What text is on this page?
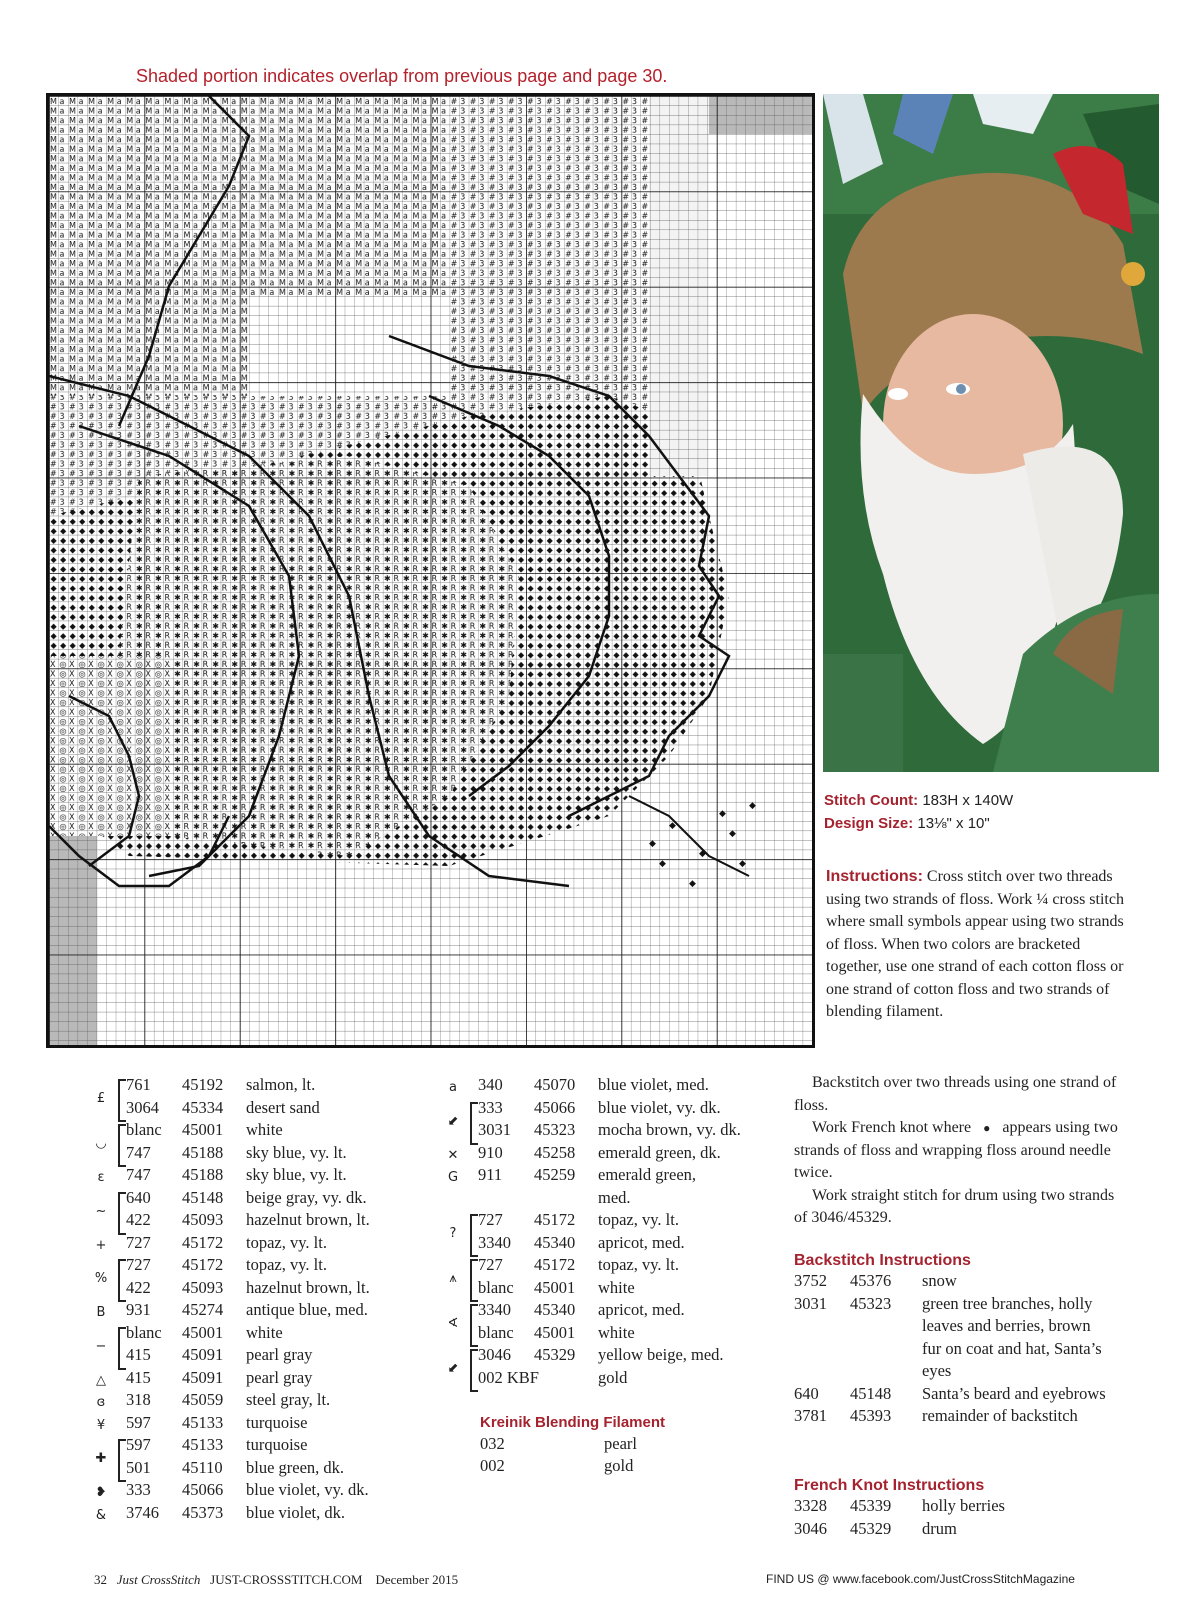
Shaded portion indicates overlap from previous page and page 30.
◆
◆
◆
◆
◆
◆
◆
◆
◆
Stitch Count: 183H x 140W
Design Size: 13⅛" x 10"

Instructions: Cross stitch over two threads using two strands of floss. Work ¼ cross stitch where small symbols appear using two strands of floss. When two colors are bracketed together, use one strand of each cotton floss or one strand of cotton floss and two strands of blending filament.

Backstitch over two threads using one strand of floss.

Work French knot where ● appears using two strands of floss and wrapping floss around needle twice.

Work straight stitch for drum using two strands of 3046/45329.

£
761 45192 salmon, lt.
3064 45334 desert sand
◡
blanc 45001 white
747 45188 sky blue, vy. lt.
ε	747 45188 sky blue, vy. lt.
~
640 45148 beige gray, vy. dk.
422 45093 hazelnut brown, lt.
+ 727 45172 topaz, vy. lt.
%
727 45172 topaz, vy. lt.
422 45093 hazelnut brown, lt.
B 931 45274 antique blue, med.
−
blanc 45001 white
415 45091 pearl gray
△ 415 45091 pearl gray
ɞ 318 45059 steel gray, lt.
¥ 597 45133 turquoise
✚
597 45133 turquoise
501 45110 blue green, dk.
❥ 333 45066 blue violet, vy. dk.
& 3746 45373 blue violet, dk.
a	340 45070 blue violet, med.
⬋
333 45066 blue violet, vy. dk.
3031 45323 mocha brown, vy. dk.
✕ 910 45258 emerald green, dk.
G 911 45259 emerald green,
med.
?
727 45172 topaz, vy. lt.
3340 45340 apricot, med.
⩚
727 45172 topaz, vy. lt.
blanc 45001 white
∢
3340 45340 apricot, med.
blanc 45001 white
⬋
3046 45329 yellow beige, med.
002 KBF	gold
Kreinik Blending Filament
032	pearl
002	gold
Backstitch Instructions
3752	45376	snow
3031	45323	green tree branches, holly leaves and berries, brown fur on coat and hat, Santa’s eyes
640	45148	Santa’s beard and eyebrows
3781	45393	remainder of backstitch
French Knot Instructions
3328	45339	holly berries
3046	45329	drum
32 Just CrossStitch JUST-CROSSSTITCH.COM December 2015	FIND US @ www.facebook.com/JustCrossStitchMagazine
